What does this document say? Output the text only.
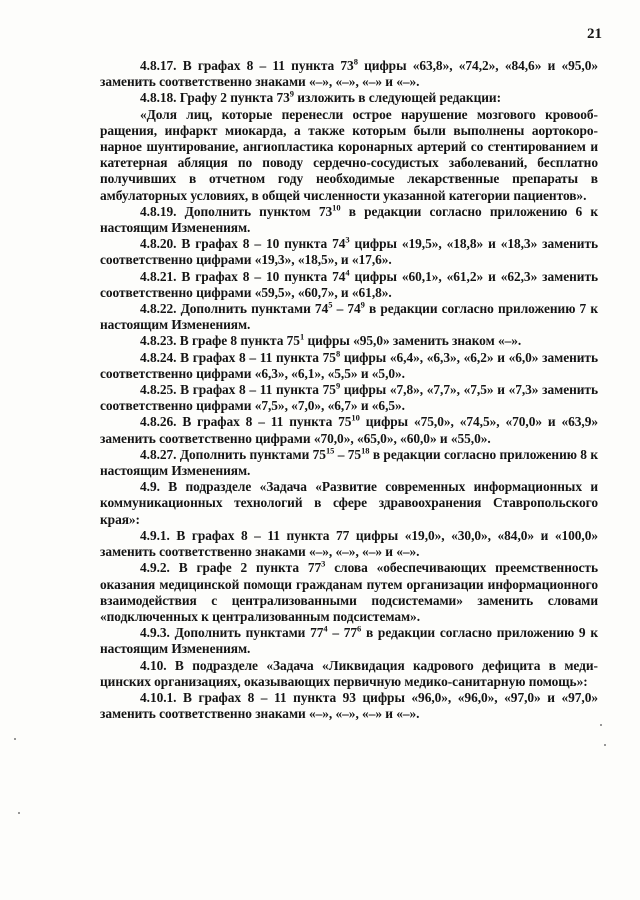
21

4.8.17. В графах 8 – 11 пункта $73^8$ цифры «63,8», «74,2», «84,6» и «95,0» заменить соответственно знаками «–», «–», «–» и «–».

4.8.18. Графу 2 пункта $73^9$ изложить в следующей редакции:

«Доля лиц, которые перенесли острое нарушение мозгового кровообращения, инфаркт миокарда, а также которым были выполнены аортокоронарное шунтирование, ангиопластика коронарных артерий со стентированием и катетерная абляция по поводу сердечно-сосудистых заболеваний, бесплатно получивших в отчетном году необходимые лекарственные препараты в амбулаторных условиях, в общей численности указанной категории пациентов».

4.8.19. Дополнить пунктом $73^{10}$ в редакции согласно приложению 6 к настоящим Изменениям.

4.8.20. В графах 8 – 10 пункта $74^3$ цифры «19,5», «18,8» и «18,3» заменить соответственно цифрами «19,3», «18,5», и «17,6».

4.8.21. В графах 8 – 10 пункта $74^4$ цифры «60,1», «61,2» и «62,3» заменить соответственно цифрами «59,5», «60,7», и «61,8».

4.8.22. Дополнить пунктами $74^5 - 74^9$ в редакции согласно приложению 7 к настоящим Изменениям.

4.8.23. В графе 8 пункта $75^1$ цифры «95,0» заменить знаком «–».

4.8.24. В графах 8 – 11 пункта $75^8$ цифры «6,4», «6,3», «6,2» и «6,0» заменить соответственно цифрами «6,3», «6,1», «5,5» и «5,0».

4.8.25. В графах 8 – 11 пункта $75^9$ цифры «7,8», «7,7», «7,5» и «7,3» заменить соответственно цифрами «7,5», «7,0», «6,7» и «6,5».

4.8.26. В графах 8 – 11 пункта $75^{10}$ цифры «75,0», «74,5», «70,0» и «63,9» заменить соответственно цифрами «70,0», «65,0», «60,0» и «55,0».

4.8.27. Дополнить пунктами $75^{15} - 75^{18}$ в редакции согласно приложению 8 к настоящим Изменениям.

4.9. В подразделе «Задача «Развитие современных информационных и коммуникационных технологий в сфере здравоохранения Ставропольского края»:

4.9.1. В графах 8 – 11 пункта 77 цифры «19,0», «30,0», «84,0» и «100,0» заменить соответственно знаками «–», «–», «–» и «–».

4.9.2. В графе 2 пункта $77^3$ слова «обеспечивающих преемственность оказания медицинской помощи гражданам путем организации информационного взаимодействия с централизованными подсистемами» заменить словами «подключенных к централизованным подсистемам».

4.9.3. Дополнить пунктами $77^4 - 77^6$ в редакции согласно приложению 9 к настоящим Изменениям.

4.10. В подразделе «Задача «Ликвидация кадрового дефицита в медицинских организациях, оказывающих первичную медико-санитарную помощь»:

4.10.1. В графах 8 – 11 пункта 93 цифры «96,0», «96,0», «97,0» и «97,0» заменить соответственно знаками «–», «–», «–» и «–».
